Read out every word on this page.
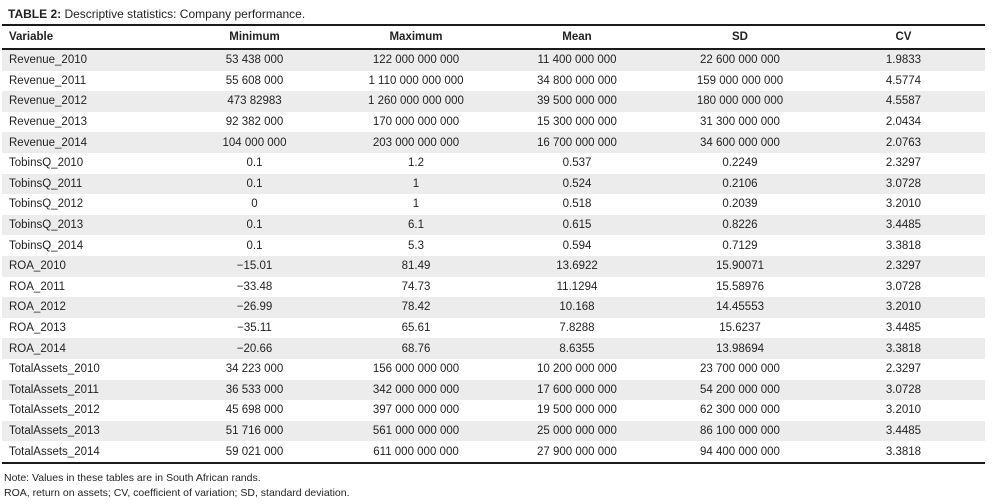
TABLE 2: Descriptive statistics: Company performance.
Variable	Minimum	Maximum	Mean	SD	CV
Revenue_2010	53 438 000	122 000 000 000	11 400 000 000	22 600 000 000	1.9833
Revenue_2011	55 608 000	1 110 000 000 000	34 800 000 000	159 000 000 000	4.5774
Revenue_2012	473 82983	1 260 000 000 000	39 500 000 000	180 000 000 000	4.5587
Revenue_2013	92 382 000	170 000 000 000	15 300 000 000	31 300 000 000	2.0434
Revenue_2014	104 000 000	203 000 000 000	16 700 000 000	34 600 000 000	2.0763
TobinsQ_2010	0.1	1.2	0.537	0.2249	2.3297
TobinsQ_2011	0.1	1	0.524	0.2106	3.0728
TobinsQ_2012	0	1	0.518	0.2039	3.2010
TobinsQ_2013	0.1	6.1	0.615	0.8226	3.4485
TobinsQ_2014	0.1	5.3	0.594	0.7129	3.3818
ROA_2010	−15.01	81.49	13.6922	15.90071	2.3297
ROA_2011	−33.48	74.73	11.1294	15.58976	3.0728
ROA_2012	−26.99	78.42	10.168	14.45553	3.2010
ROA_2013	−35.11	65.61	7.8288	15.6237	3.4485
ROA_2014	−20.66	68.76	8.6355	13.98694	3.3818
TotalAssets_2010	34 223 000	156 000 000 000	10 200 000 000	23 700 000 000	2.3297
TotalAssets_2011	36 533 000	342 000 000 000	17 600 000 000	54 200 000 000	3.0728
TotalAssets_2012	45 698 000	397 000 000 000	19 500 000 000	62 300 000 000	3.2010
TotalAssets_2013	51 716 000	561 000 000 000	25 000 000 000	86 100 000 000	3.4485
TotalAssets_2014	59 021 000	611 000 000 000	27 900 000 000	94 400 000 000	3.3818

Note: Values in these tables are in South African rands.

ROA, return on assets; CV, coefficient of variation; SD, standard deviation.
